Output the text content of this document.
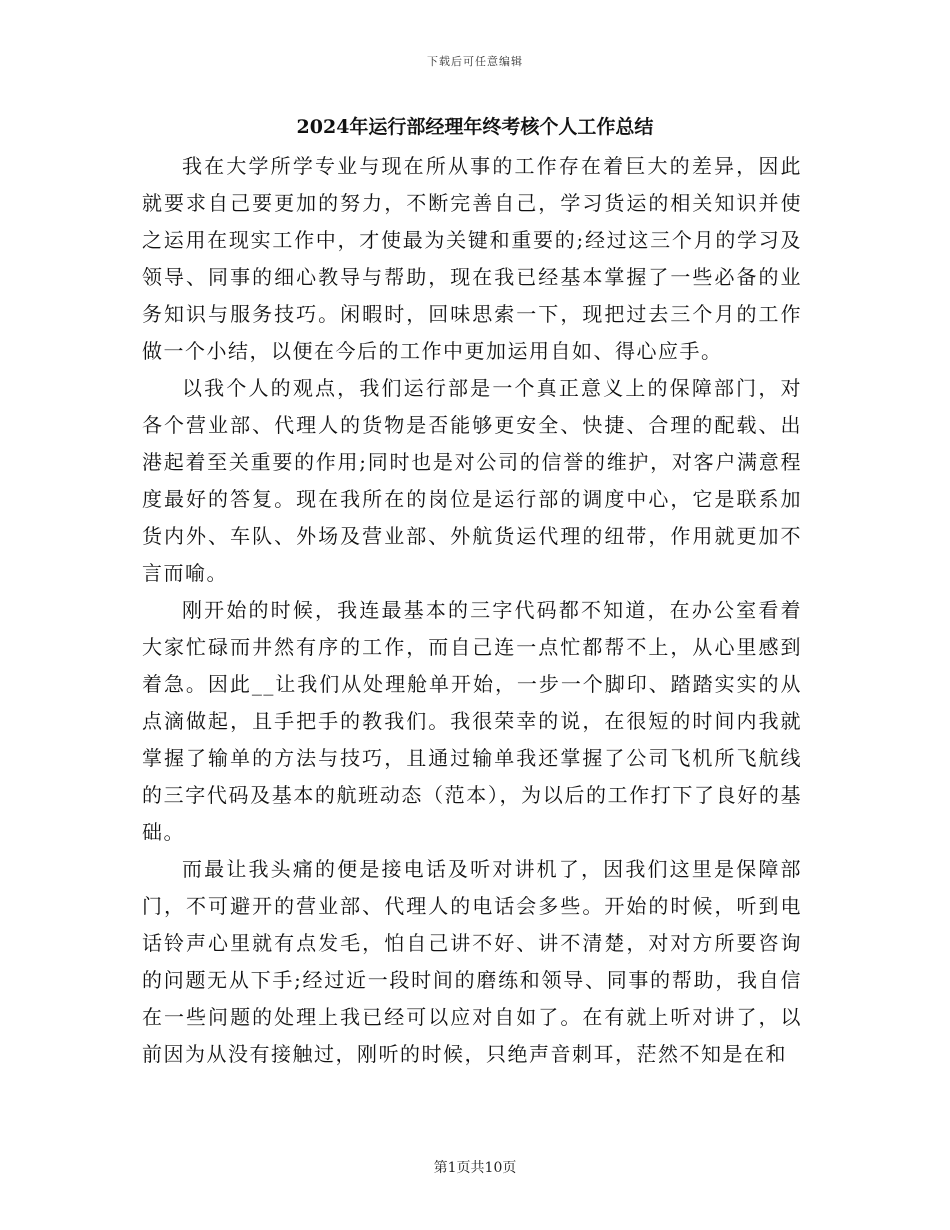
下载后可任意编辑
2024年运行部经理年终考核个人工作总结

我在大学所学专业与现在所从事的工作存在着巨大的差异，因此就要求自己要更加的努力，不断完善自己，学习货运的相关知识并使之运用在现实工作中，才使最为关键和重要的;经过这三个月的学习及领导、同事的细心教导与帮助，现在我已经基本掌握了一些必备的业务知识与服务技巧。闲暇时，回味思索一下，现把过去三个月的工作做一个小结，以便在今后的工作中更加运用自如、得心应手。

以我个人的观点，我们运行部是一个真正意义上的保障部门，对各个营业部、代理人的货物是否能够更安全、快捷、合理的配载、出港起着至关重要的作用;同时也是对公司的信誉的维护，对客户满意程度最好的答复。现在我所在的岗位是运行部的调度中心，它是联系加货内外、车队、外场及营业部、外航货运代理的纽带，作用就更加不言而喻。

刚开始的时候，我连最基本的三字代码都不知道，在办公室看着大家忙碌而井然有序的工作，而自己连一点忙都帮不上，从心里感到着急。因此__让我们从处理舱单开始，一步一个脚印、踏踏实实的从点滴做起，且手把手的教我们。我很荣幸的说，在很短的时间内我就掌握了输单的方法与技巧，且通过输单我还掌握了公司飞机所飞航线的三字代码及基本的航班动态（范本），为以后的工作打下了良好的基础。

而最让我头痛的便是接电话及听对讲机了，因我们这里是保障部门，不可避开的营业部、代理人的电话会多些。开始的时候，听到电话铃声心里就有点发毛，怕自己讲不好、讲不清楚，对对方所要咨询的问题无从下手;经过近一段时间的磨练和领导、同事的帮助，我自信在一些问题的处理上我已经可以应对自如了。在有就上听对讲了，以前因为从没有接触过，刚听的时候，只绝声音刺耳，茫然不知是在和

第1页共10页
